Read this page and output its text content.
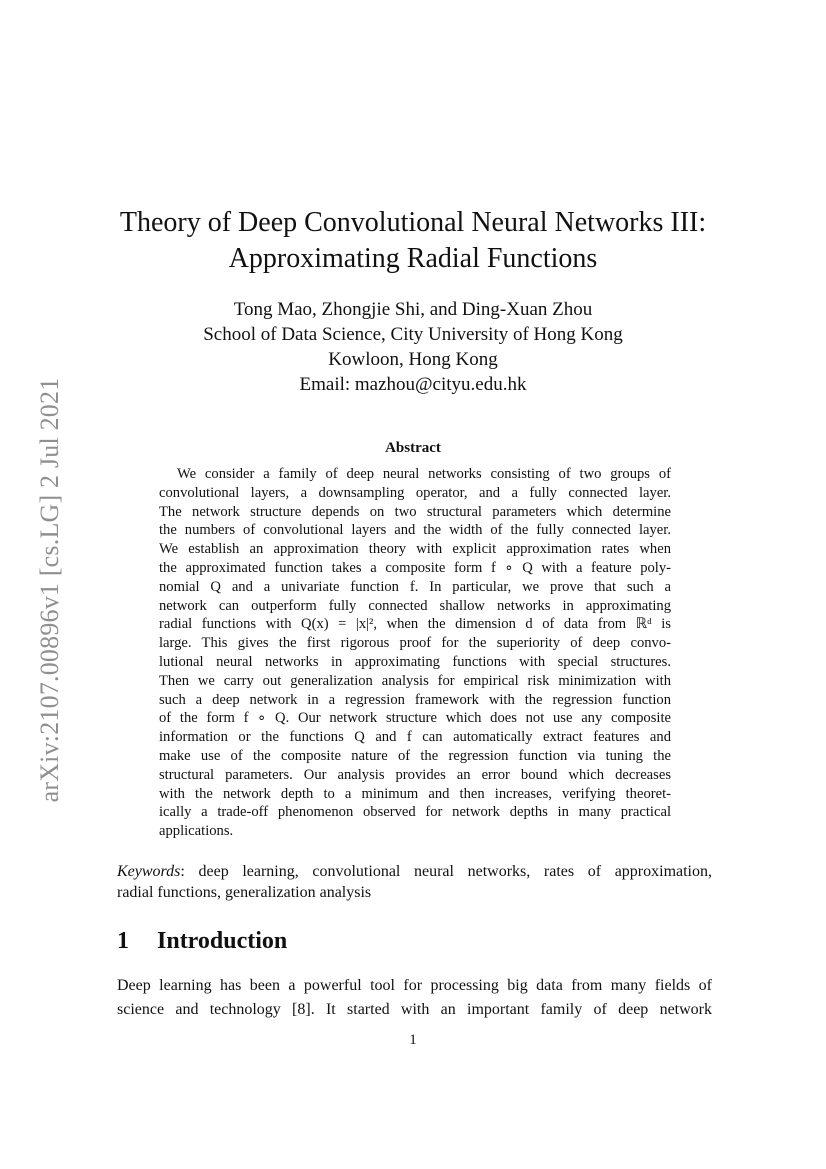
arXiv:2107.00896v1 [cs.LG] 2 Jul 2021
Theory of Deep Convolutional Neural Networks III:
Approximating Radial Functions
Tong Mao, Zhongjie Shi, and Ding-Xuan Zhou
School of Data Science, City University of Hong Kong
Kowloon, Hong Kong
Email: mazhou@cityu.edu.hk
Abstract
We consider a family of deep neural networks consisting of two groups of
convolutional layers, a downsampling operator, and a fully connected layer.
The network structure depends on two structural parameters which determine
the numbers of convolutional layers and the width of the fully connected layer.
We establish an approximation theory with explicit approximation rates when
the approximated function takes a composite form f ∘ Q with a feature poly-
nomial Q and a univariate function f. In particular, we prove that such a
network can outperform fully connected shallow networks in approximating
radial functions with Q(x) = |x|², when the dimension d of data from ℝᵈ is
large. This gives the first rigorous proof for the superiority of deep convo-
lutional neural networks in approximating functions with special structures.
Then we carry out generalization analysis for empirical risk minimization with
such a deep network in a regression framework with the regression function
of the form f ∘ Q. Our network structure which does not use any composite
information or the functions Q and f can automatically extract features and
make use of the composite nature of the regression function via tuning the
structural parameters. Our analysis provides an error bound which decreases
with the network depth to a minimum and then increases, verifying theoret-
ically a trade-off phenomenon observed for network depths in many practical
applications.
Keywords: deep learning, convolutional neural networks, rates of approximation,
radial functions, generalization analysis
1 Introduction
Deep learning has been a powerful tool for processing big data from many fields of
science and technology [8]. It started with an important family of deep network
1
